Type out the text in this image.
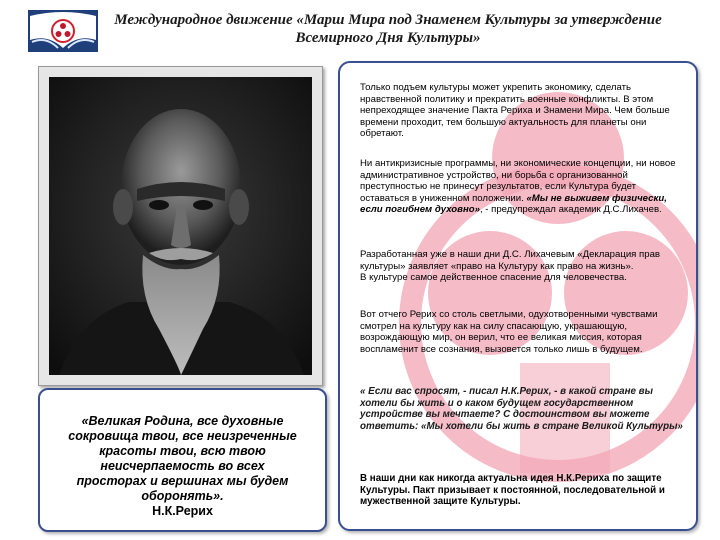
Международное движение «Марш Мира под Знаменем Культуры за утверждение
Всемирного Дня Культуры»
«Великая Родина, все духовные
сокровища твои, все неизреченные
красоты твои, всю твою
неисчерпаемость во всех
просторах и вершинах мы будем
оборонять».
Н.К.Рерих

Только подъем культуры может укрепить экономику, сделать нравственной политику и прекратить военные конфликты. В этом непреходящее значение Пакта Рериха и Знамени Мира. Чем больше времени проходит, тем большую актуальность для планеты они обретают.

Ни антикризисные программы, ни экономические концепции, ни новое административное устройство, ни борьба с организованной преступностью не принесут результатов, если Культура будет оставаться в униженном положении. «Мы не выживем физически, если погибнем духовно», - предупреждал академик Д.С.Лихачев.

Разработанная уже в наши дни Д.С. Лихачевым «Декларация прав культуры» заявляет «право на Культуру как право на жизнь».
В культуре самое действенное спасение для человечества.

Вот отчего Рерих со столь светлыми, одухотворенными чувствами смотрел на культуру как на силу спасающую, украшающую, возрождающую мир, он верил, что ее великая миссия, которая воспламенит все сознания, вызовется только лишь в будущем.

« Если вас спросят, - писал Н.К.Рерих, - в какой стране вы хотели бы жить и о каком будущем государственном устройстве вы мечтаете? С достоинством вы можете ответить: «Мы хотели бы жить в стране Великой Культуры»

В наши дни как никогда актуальна идея Н.К.Рериха по защите Культуры. Пакт призывает к постоянной, последовательной и мужественной защите Культуры.
